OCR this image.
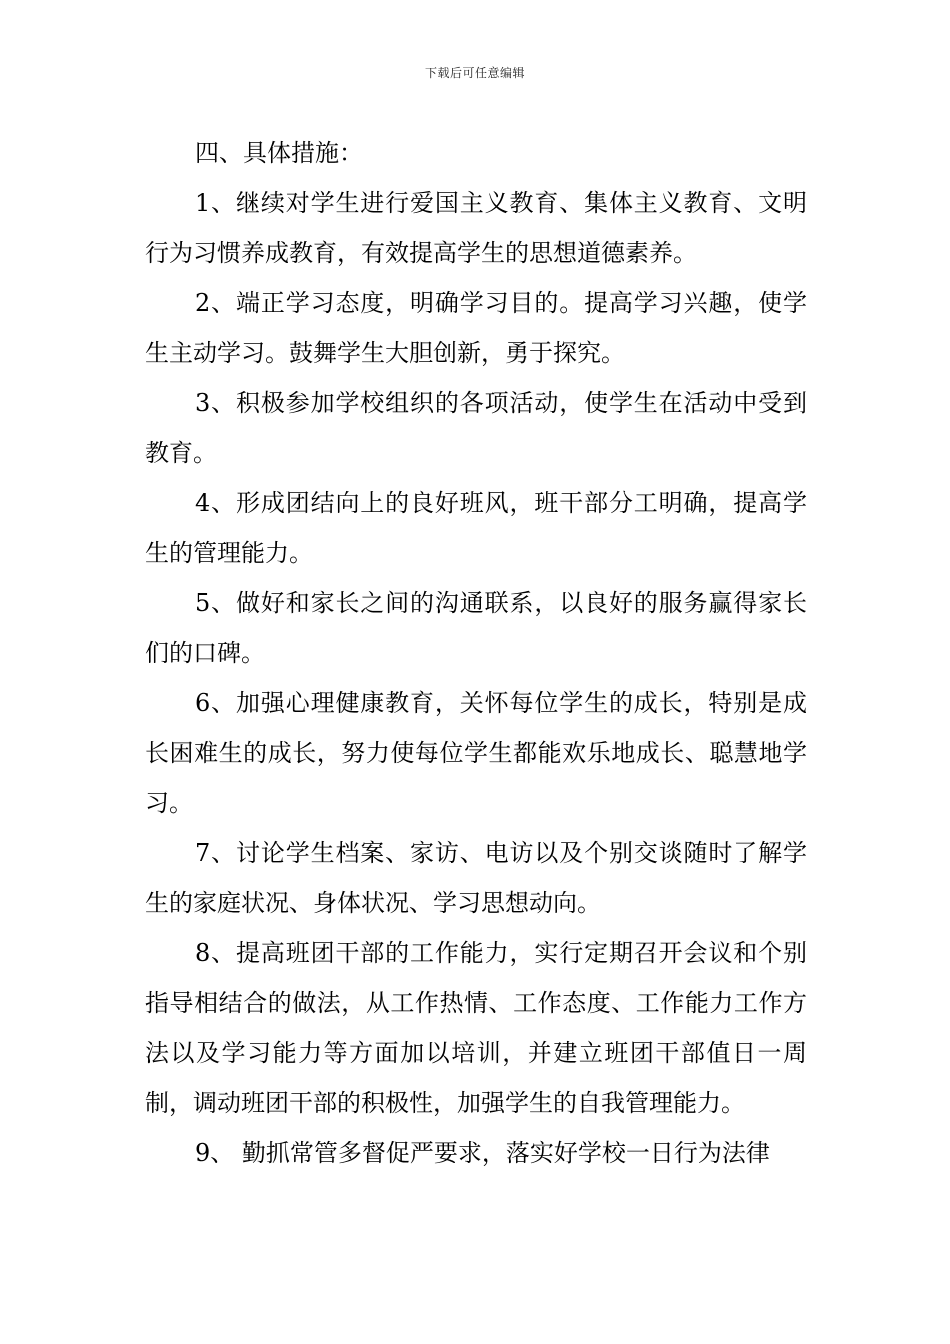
下载后可任意编辑

四、具体措施：

1、继续对学生进行爱国主义教育、集体主义教育、文明行为习惯养成教育，有效提高学生的思想道德素养。

2、端正学习态度，明确学习目的。提高学习兴趣，使学生主动学习。鼓舞学生大胆创新，勇于探究。

3、积极参加学校组织的各项活动，使学生在活动中受到教育。

4、形成团结向上的良好班风，班干部分工明确，提高学生的管理能力。

5、做好和家长之间的沟通联系，以良好的服务赢得家长们的口碑。

6、加强心理健康教育，关怀每位学生的成长，特别是成长困难生的成长，努力使每位学生都能欢乐地成长、聪慧地学习。

7、讨论学生档案、家访、电访以及个别交谈随时了解学生的家庭状况、身体状况、学习思想动向。

8、提高班团干部的工作能力，实行定期召开会议和个别指导相结合的做法，从工作热情、工作态度、工作能力工作方法以及学习能力等方面加以培训，并建立班团干部值日一周制，调动班团干部的积极性，加强学生的自我管理能力。

9、 勤抓常管多督促严要求，落实好学校一日行为法律
